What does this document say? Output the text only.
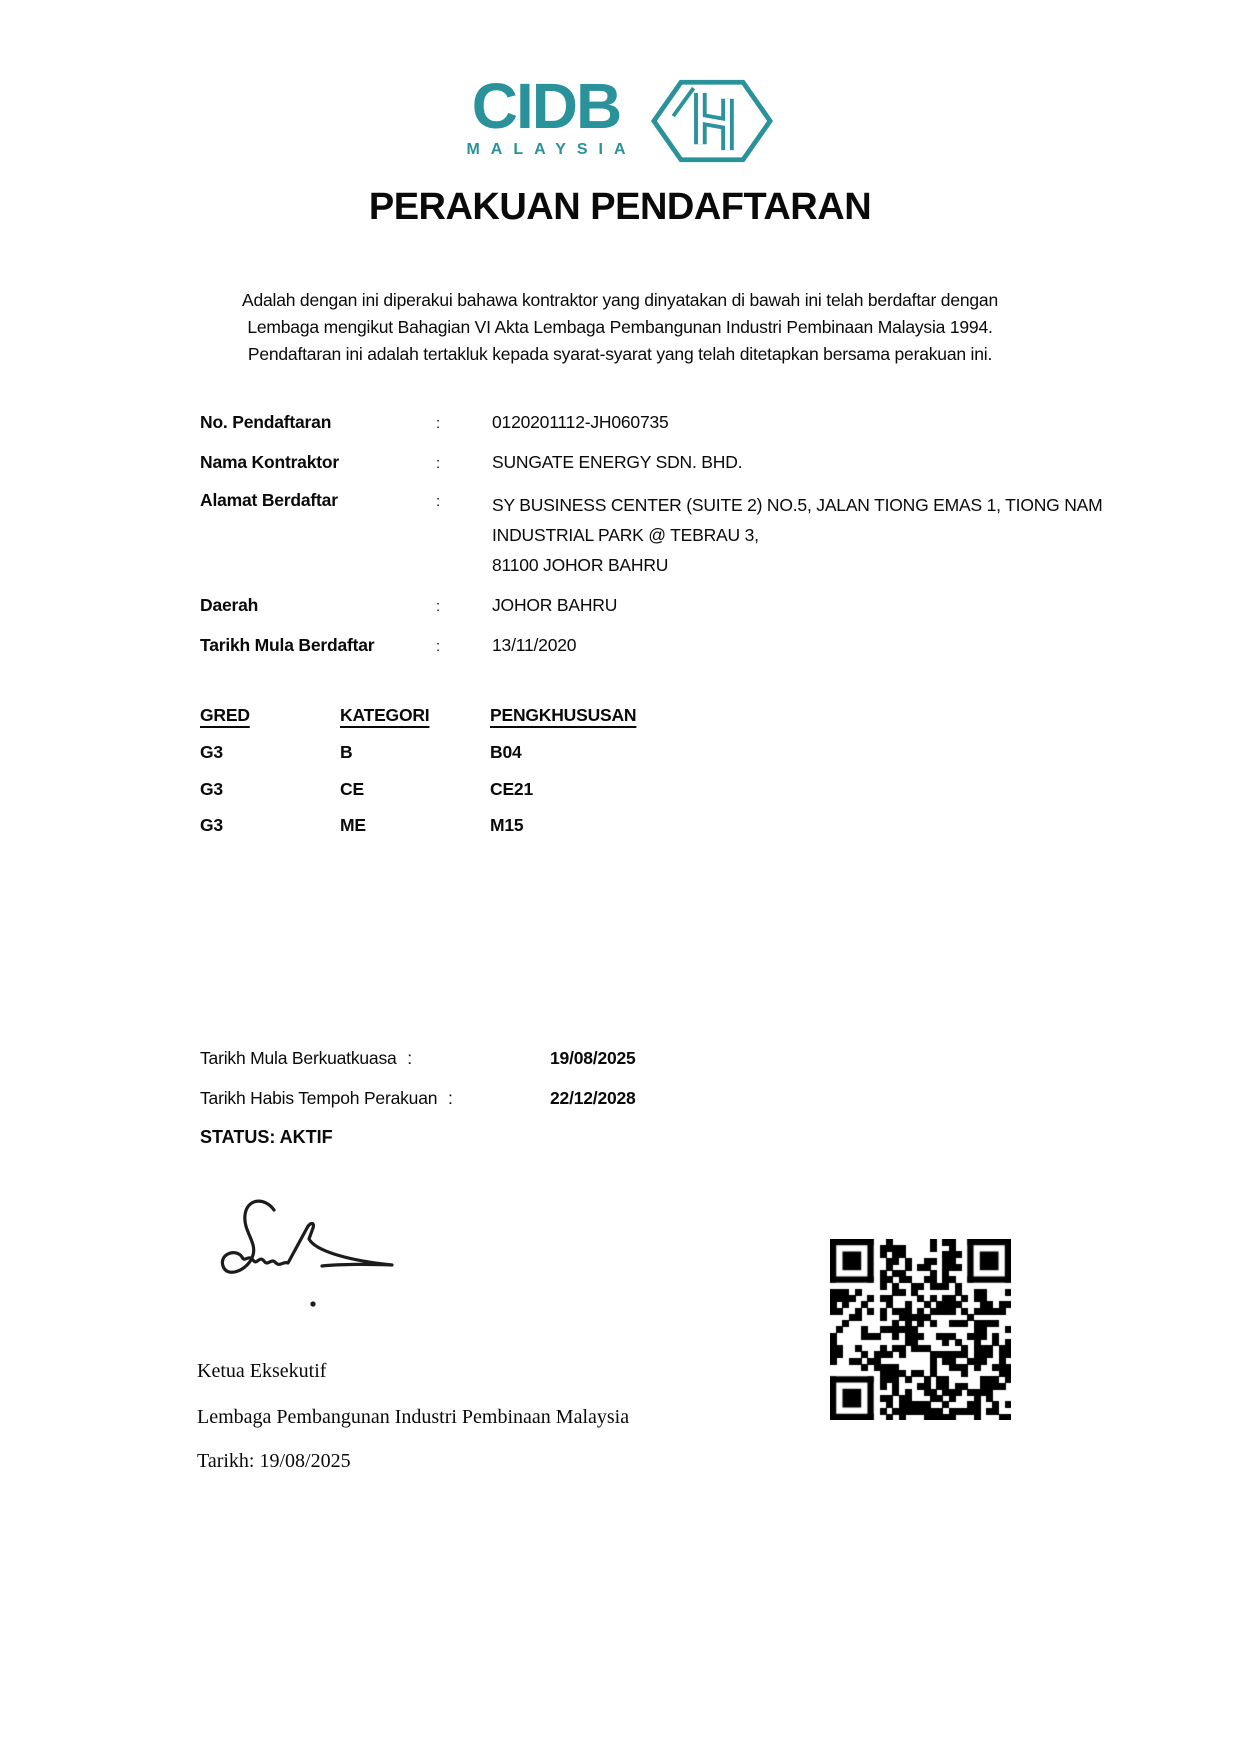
CIDB
MALAYSIA
PERAKUAN PENDAFTARAN
Adalah dengan ini diperakui bahawa kontraktor yang dinyatakan di bawah ini telah berdaftar dengan
Lembaga mengikut Bahagian VI Akta Lembaga Pembangunan Industri Pembinaan Malaysia 1994.
Pendaftaran ini adalah tertakluk kepada syarat-syarat yang telah ditetapkan bersama perakuan ini.
No. Pendaftaran	:	0120201112-JH060735
Nama Kontraktor	:	SUNGATE ENERGY SDN. BHD.
Alamat Berdaftar	:	SY BUSINESS CENTER (SUITE 2) NO.5, JALAN TIONG EMAS 1, TIONG NAM
INDUSTRIAL PARK @ TEBRAU 3,
81100 JOHOR BAHRU
Daerah	:	JOHOR BAHRU
Tarikh Mula Berdaftar	:	13/11/2020
GRED	KATEGORI	PENGKHUSUSAN
G3	B	B04
G3	CE	CE21
G3	ME	M15
Tarikh Mula Berkuatkuasa :	19/08/2025
Tarikh Habis Tempoh Perakuan :	22/12/2028
STATUS: AKTIF
Ketua Eksekutif
Lembaga Pembangunan Industri Pembinaan Malaysia
Tarikh: 19/08/2025
